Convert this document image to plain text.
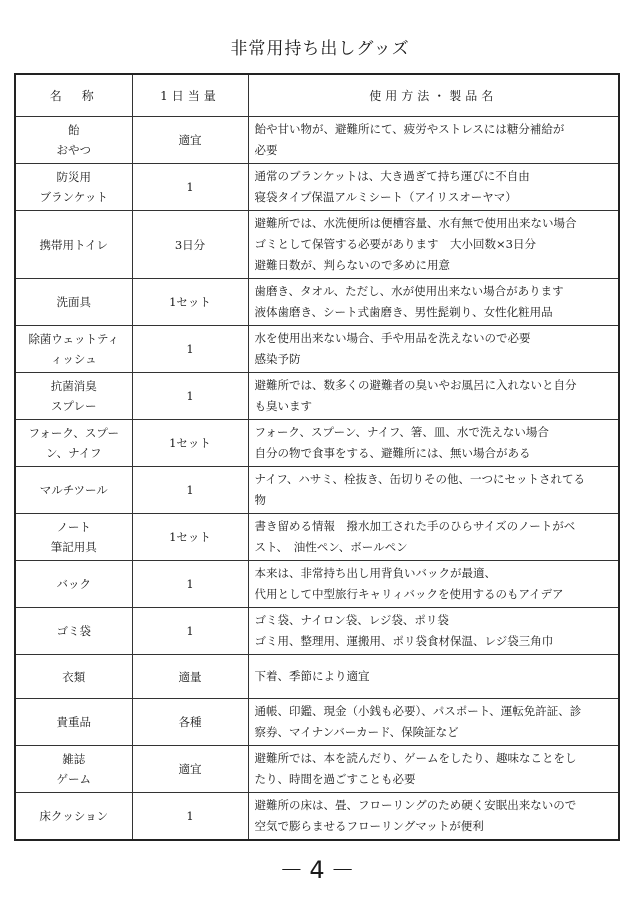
非常用持ち出しグッズ
名　称	1日当量	使用方法・製品名

飴
おやつ	適宜	飴や甘い物が、避難所にて、疲労やストレスには糖分補給が
必要

防災用
ブランケット	1	通常のブランケットは、大き過ぎて持ち運びに不自由
寝袋タイプ保温アルミシート（アイリスオーヤマ）

携帯用トイレ	3日分	避難所では、水洗便所は便槽容量、水有無で使用出来ない場合
ゴミとして保管する必要があります　大小回数×3日分
避難日数が、判らないので多めに用意

洗面具	1セット	歯磨き、タオル、ただし、水が使用出来ない場合があります
液体歯磨き、シート式歯磨き、男性髭剃り、女性化粧用品

除菌ウェットティ
ィッシュ	1	水を使用出来ない場合、手や用品を洗えないので必要
感染予防

抗菌消臭
スプレー	1	避難所では、数多くの避難者の臭いやお風呂に入れないと自分
も臭います

フォーク、スプー
ン、ナイフ	1セット	フォーク、スプーン、ナイフ、箸、皿、水で洗えない場合
自分の物で食事をする、避難所には、無い場合がある

マルチツール	1	ナイフ、ハサミ、栓抜き、缶切りその他、一つにセットされてる
物

ノート
筆記用具	1セット	書き留める情報　撥水加工された手のひらサイズのノートがベ
スト、　油性ペン、ボールペン

バック	1	本来は、非常持ち出し用背負いバックが最適、
代用として中型旅行キャリィバックを使用するのもアイデア

ゴミ袋	1	ゴミ袋、ナイロン袋、レジ袋、ポリ袋
ゴミ用、整理用、運搬用、ポリ袋食材保温、レジ袋三角巾

衣類	適量	下着、季節により適宜

貴重品	各種	通帳、印鑑、現金（小銭も必要）、パスポート、運転免許証、診
察券、マイナンバーカード、保険証など

雑誌
ゲーム	適宜	避難所では、本を読んだり、ゲームをしたり、趣味なことをし
たり、時間を過ごすことも必要

床クッション	1	避難所の床は、畳、フローリングのため硬く安眠出来ないので
空気で膨らませるフローリングマットが便利
－4－
